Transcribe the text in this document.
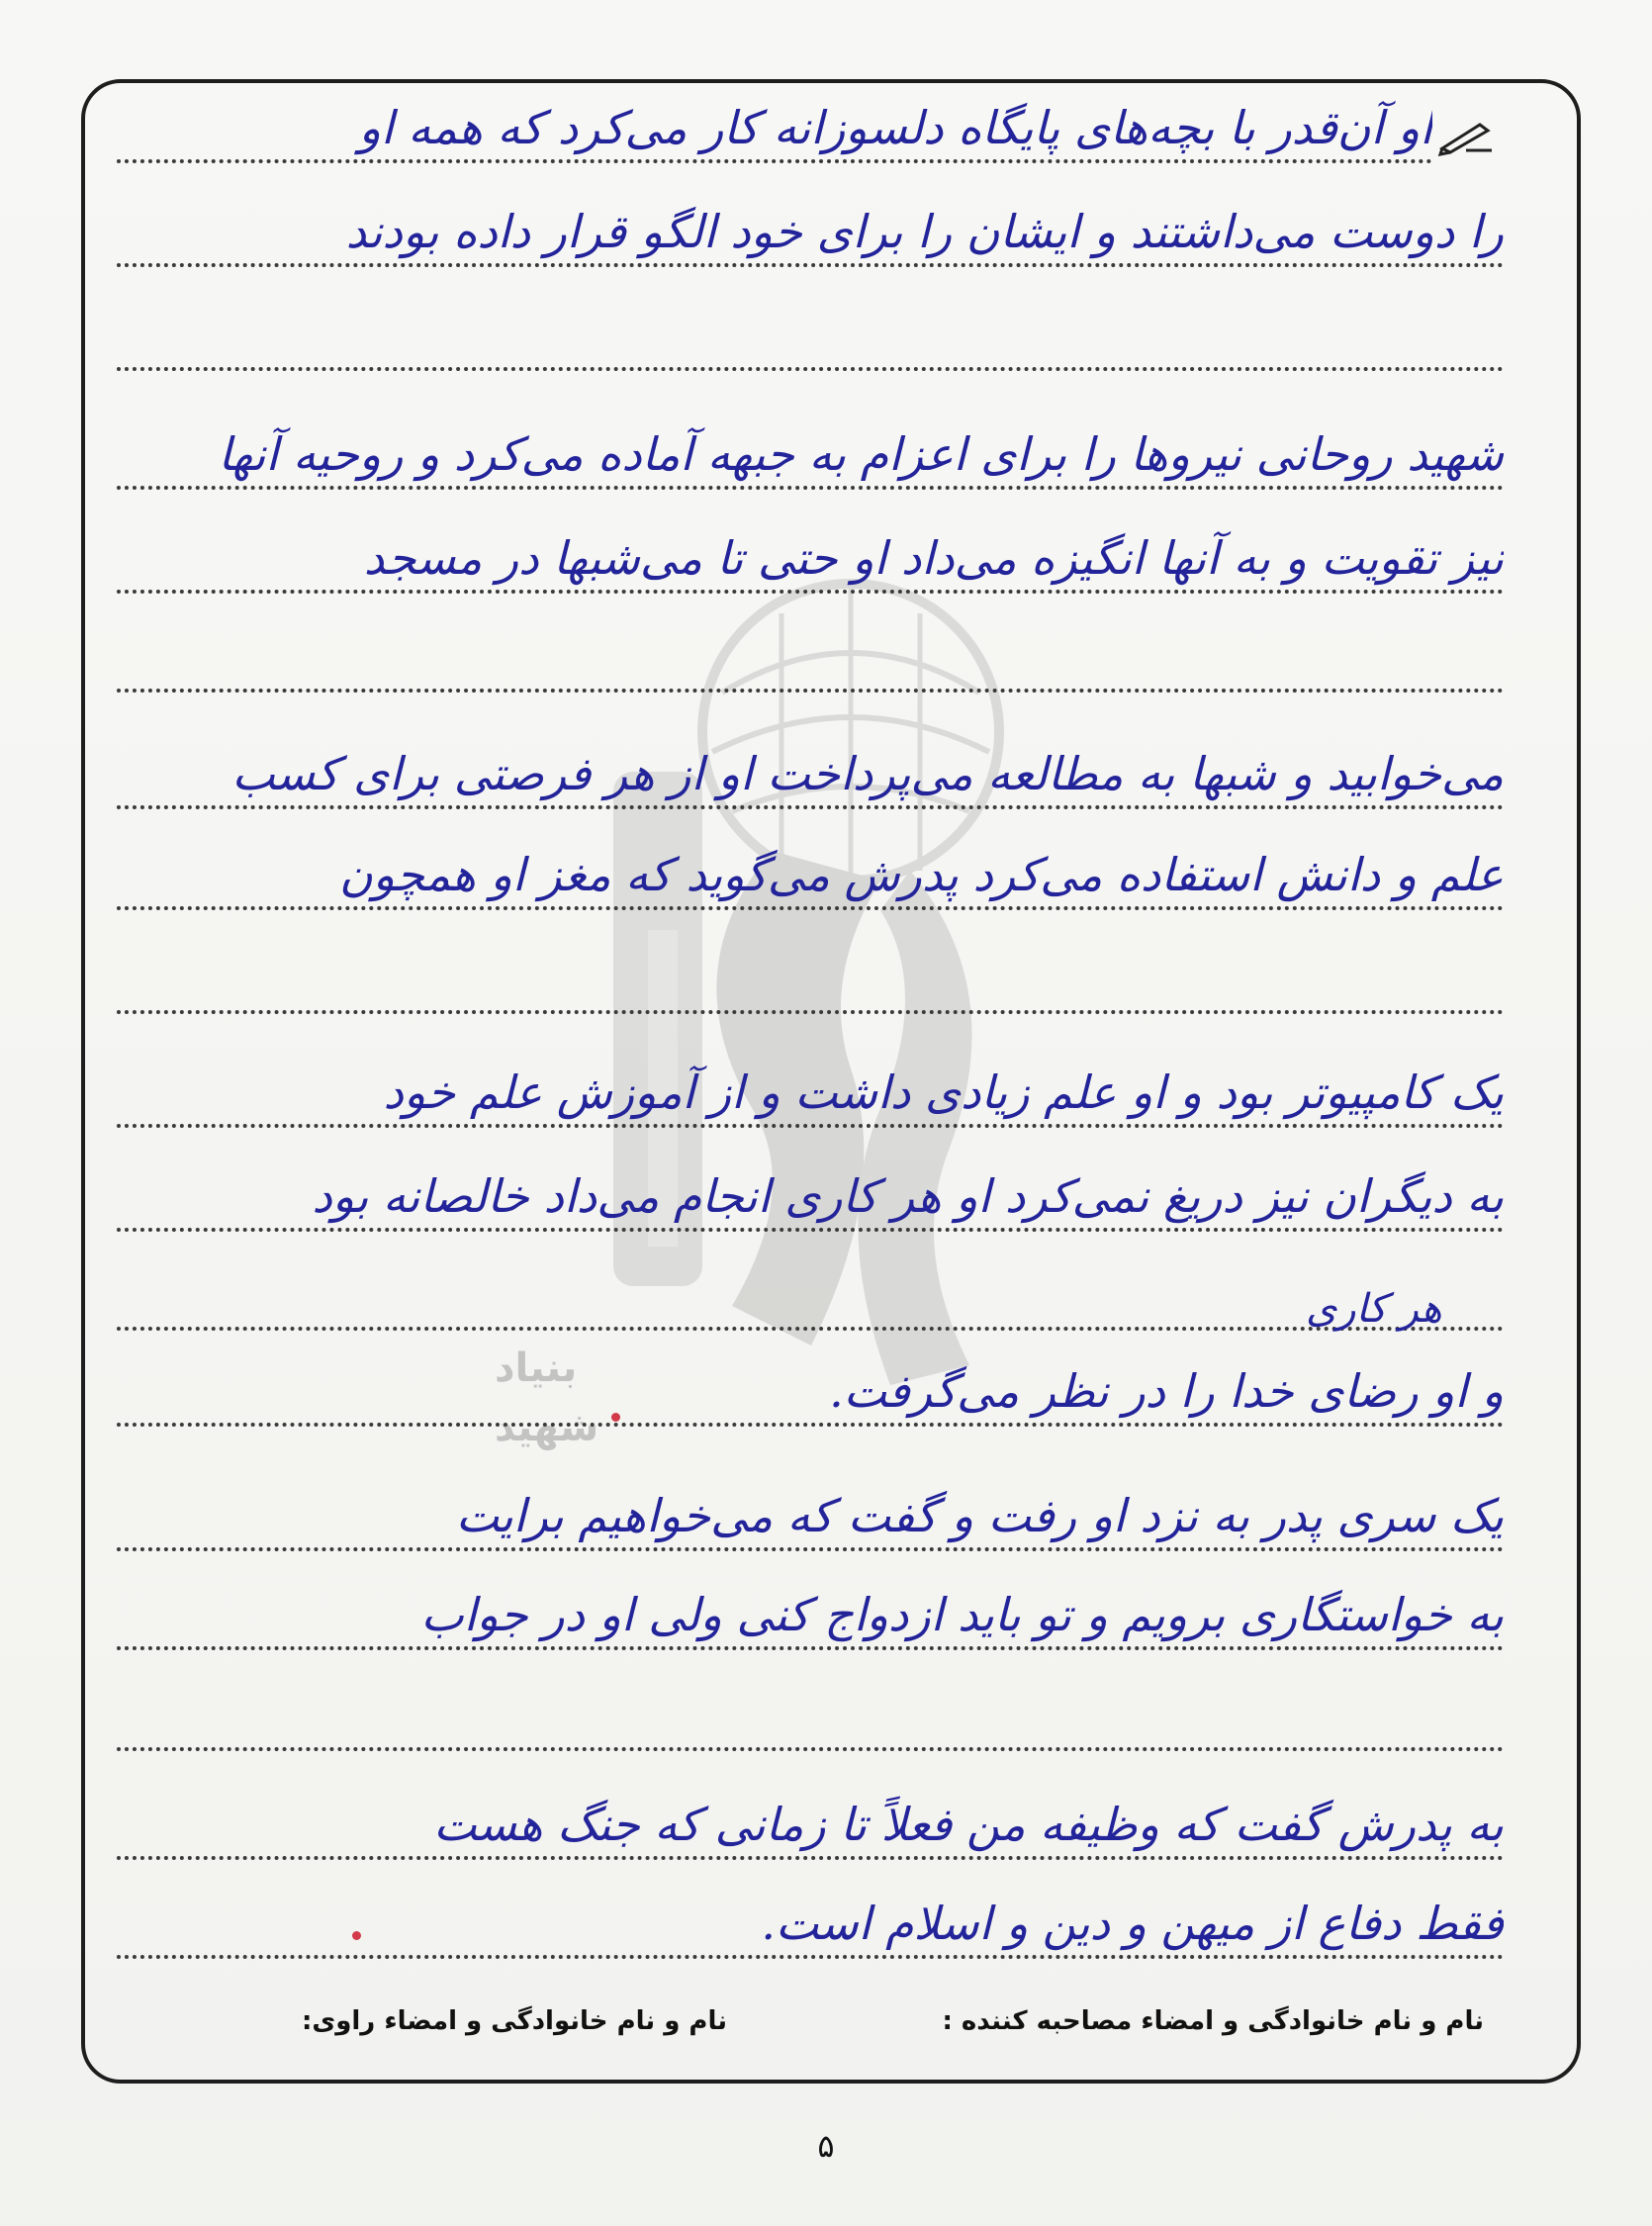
بنیاد
شهید
او آن‌قدر با بچه‌های پایگاه دلسوزانه کار می‌کرد که همه او
را دوست می‌داشتند و ایشان را برای خود الگو قرار داده بودند
شهید روحانی نیروها را برای اعزام به جبهه آماده می‌کرد و روحیه آنها
نیز تقویت و به آنها انگیزه می‌داد او حتی تا می‌شبها در مسجد
می‌خوابید و شبها به مطالعه می‌پرداخت او از هر فرصتی برای کسب
علم و دانش استفاده می‌کرد پدرش می‌گوید که مغز او همچون
یک کامپیوتر بود و او علم زیادی داشت و از آموزش علم خود
به دیگران نیز دریغ نمی‌کرد او هر کاری انجام می‌داد خالصانه بود
هر کاری
و او رضای خدا را در نظر می‌گرفت.
یک سری پدر به نزد او رفت و گفت که می‌خواهیم برایت
به خواستگاری برویم و تو باید ازدواج کنی ولی او در جواب
به پدرش گفت که وظیفه من فعلاً تا زمانی که جنگ هست
فقط دفاع از میهن و دین و اسلام است.
نام و نام خانوادگی و امضاء مصاحبه کننده :
نام و نام خانوادگی و امضاء راوی:
۵
